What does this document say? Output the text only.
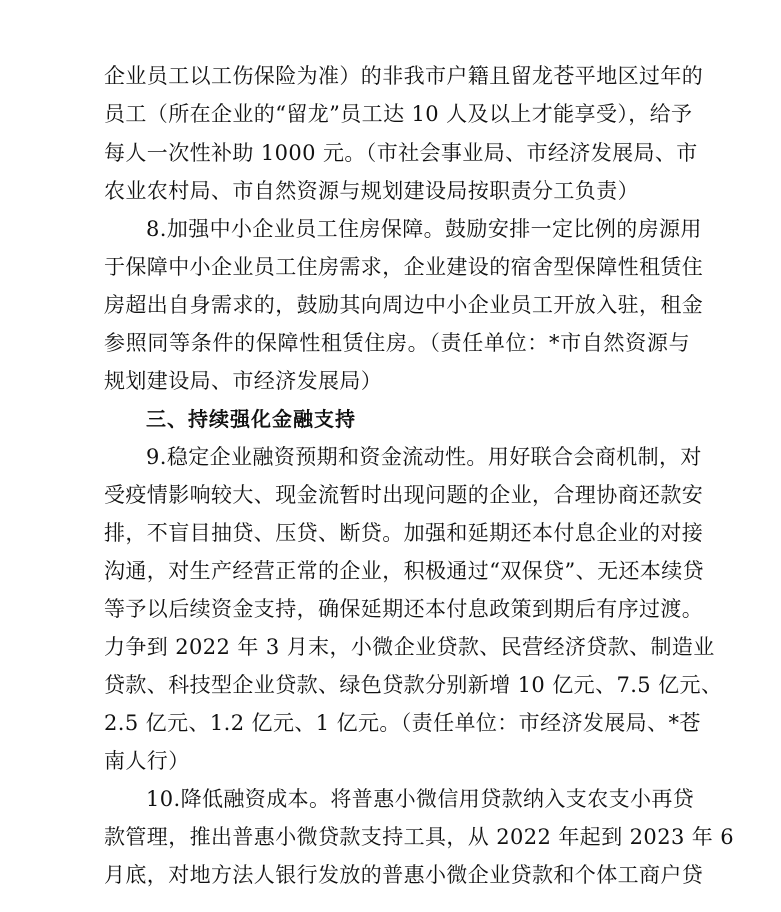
企业员工以工伤保险为准）的非我市户籍且留龙苍平地区过年的
员工（所在企业的“留龙”员工达 10 人及以上才能享受），给予
每人一次性补助 1000 元。（市社会事业局、市经济发展局、市
农业农村局、市自然资源与规划建设局按职责分工负责）
8.加强中小企业员工住房保障。鼓励安排一定比例的房源用
于保障中小企业员工住房需求，企业建设的宿舍型保障性租赁住
房超出自身需求的，鼓励其向周边中小企业员工开放入驻，租金
参照同等条件的保障性租赁住房。（责任单位：*市自然资源与
规划建设局、市经济发展局）
三、持续强化金融支持
9.稳定企业融资预期和资金流动性。用好联合会商机制，对
受疫情影响较大、现金流暂时出现问题的企业，合理协商还款安
排，不盲目抽贷、压贷、断贷。加强和延期还本付息企业的对接
沟通，对生产经营正常的企业，积极通过“双保贷”、无还本续贷
等予以后续资金支持，确保延期还本付息政策到期后有序过渡。
力争到 2022 年 3 月末，小微企业贷款、民营经济贷款、制造业
贷款、科技型企业贷款、绿色贷款分别新增 10 亿元、7.5 亿元、
2.5 亿元、1.2 亿元、1 亿元。（责任单位：市经济发展局、*苍
南人行）
10.降低融资成本。将普惠小微信用贷款纳入支农支小再贷
款管理，推出普惠小微贷款支持工具，从 2022 年起到 2023 年 6
月底，对地方法人银行发放的普惠小微企业贷款和个体工商户贷
